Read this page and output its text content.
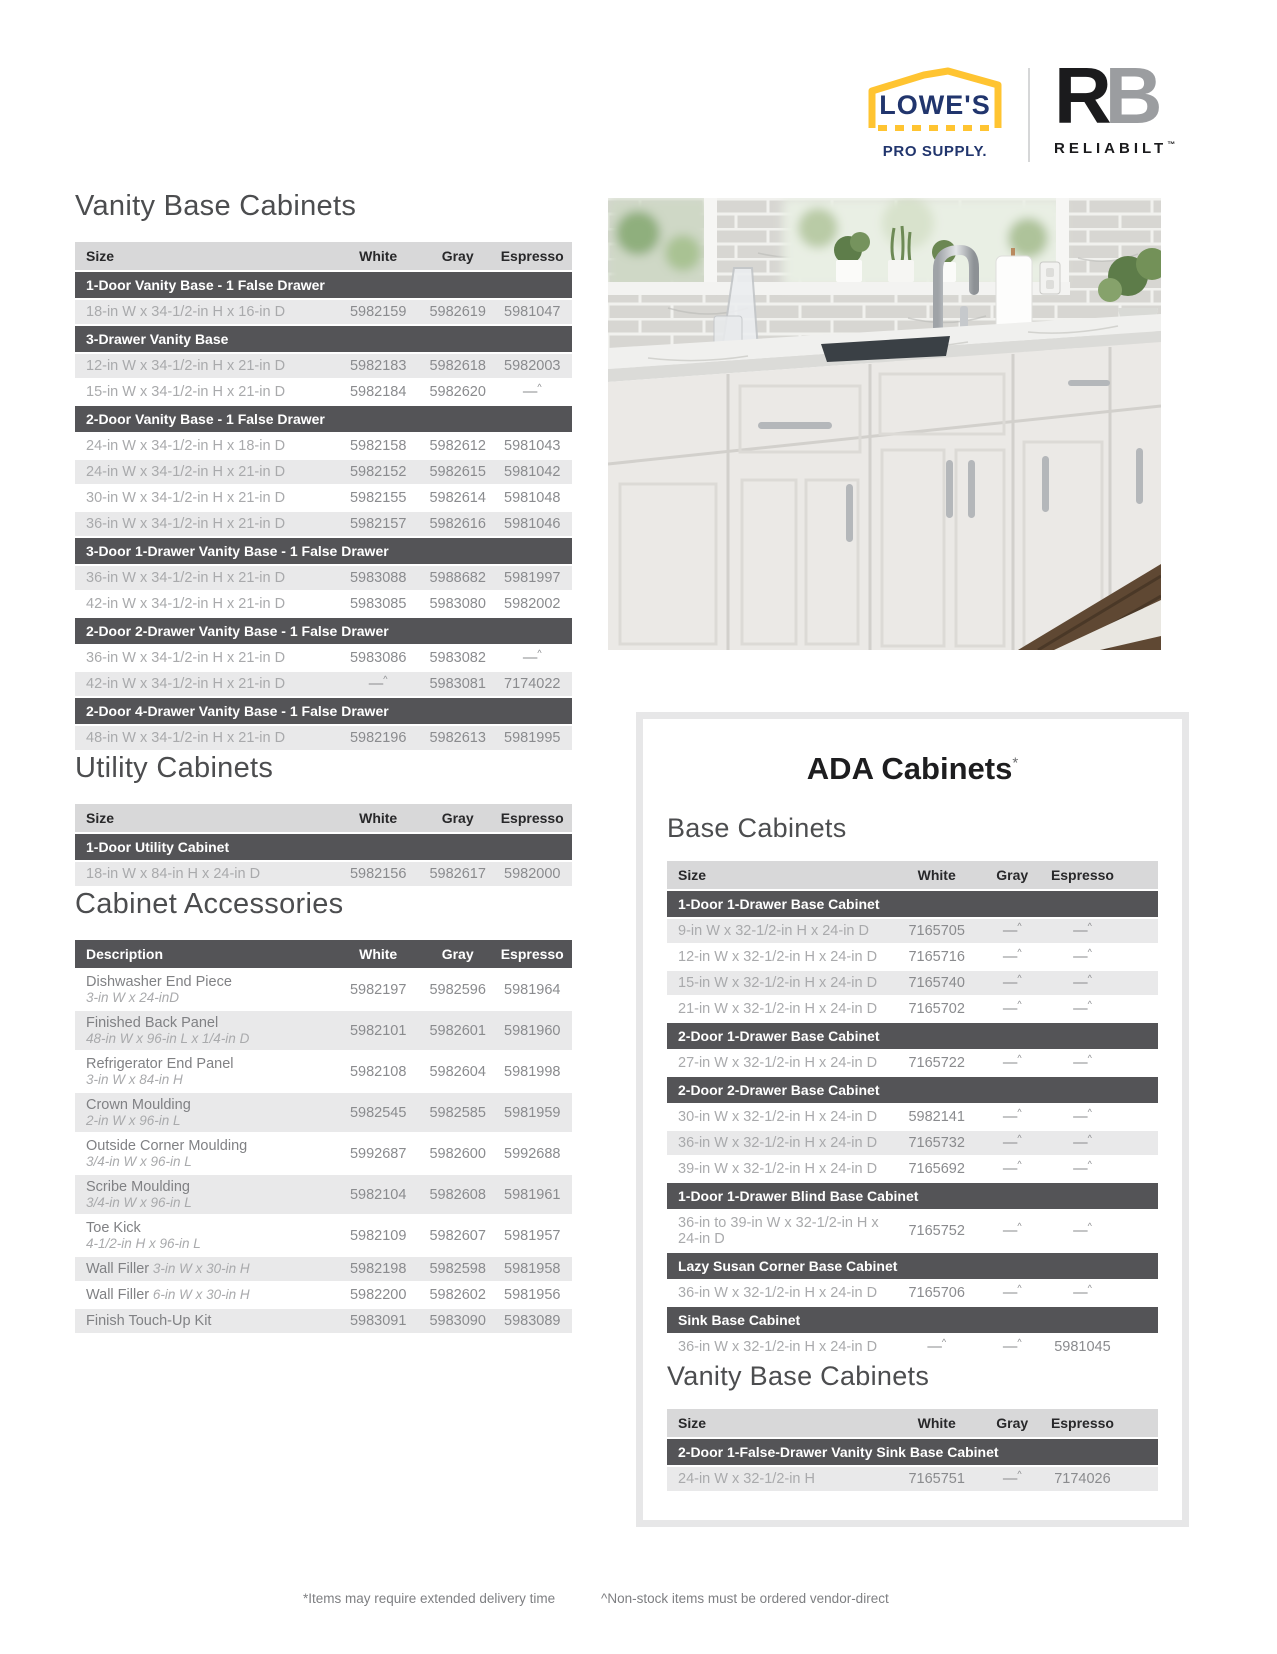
LOWE'S
PRO SUPPLY.
RB
RELIABILT™
Vanity Base Cabinets
Size	White	Gray	Espresso
1-Door Vanity Base - 1 False Drawer			
18-in W x 34-1/2-in H x 16-in D	5982159	5982619	5981047
3-Drawer Vanity Base			
12-in W x 34-1/2-in H x 21-in D	5982183	5982618	5982003
15-in W x 34-1/2-in H x 21-in D	5982184	5982620	—^
2-Door Vanity Base - 1 False Drawer			
24-in W x 34-1/2-in H x 18-in D	5982158	5982612	5981043
24-in W x 34-1/2-in H x 21-in D	5982152	5982615	5981042
30-in W x 34-1/2-in H x 21-in D	5982155	5982614	5981048
36-in W x 34-1/2-in H x 21-in D	5982157	5982616	5981046
3-Door 1-Drawer Vanity Base - 1 False Drawer			
36-in W x 34-1/2-in H x 21-in D	5983088	5988682	5981997
42-in W x 34-1/2-in H x 21-in D	5983085	5983080	5982002
2-Door 2-Drawer Vanity Base - 1 False Drawer			
36-in W x 34-1/2-in H x 21-in D	5983086	5983082	—^
42-in W x 34-1/2-in H x 21-in D	—^	5983081	7174022
2-Door 4-Drawer Vanity Base - 1 False Drawer			
48-in W x 34-1/2-in H x 21-in D	5982196	5982613	5981995
Utility Cabinets
Size	White	Gray	Espresso
1-Door Utility Cabinet			
18-in W x 84-in H x 24-in D	5982156	5982617	5982000
Cabinet Accessories
Description	White	Gray	Espresso

Dishwasher End Piece
3-in W x 24-inD	5982197	5982596	5981964

Finished Back Panel
48-in W x 96-in L x 1/4-in D	5982101	5982601	5981960

Refrigerator End Panel
3-in W x 84-in H	5982108	5982604	5981998

Crown Moulding
2-in W x 96-in L	5982545	5982585	5981959

Outside Corner Moulding
3/4-in W x 96-in L	5992687	5982600	5992688

Scribe Moulding
3/4-in W x 96-in L	5982104	5982608	5981961

Toe Kick
4-1/2-in H x 96-in L	5982109	5982607	5981957
Wall Filler 3-in W x 30-in H	5982198	5982598	5981958
Wall Filler 6-in W x 30-in H	5982200	5982602	5981956
Finish Touch-Up Kit	5983091	5983090	5983089
ADA Cabinets*
Base Cabinets
Size	White	Gray	Espresso
1-Door 1-Drawer Base Cabinet			
9-in W x 32-1/2-in H x 24-in D	7165705	—^	—^
12-in W x 32-1/2-in H x 24-in D	7165716	—^	—^
15-in W x 32-1/2-in H x 24-in D	7165740	—^	—^
21-in W x 32-1/2-in H x 24-in D	7165702	—^	—^
2-Door 1-Drawer Base Cabinet			
27-in W x 32-1/2-in H x 24-in D	7165722	—^	—^
2-Door 2-Drawer Base Cabinet			
30-in W x 32-1/2-in H x 24-in D	5982141	—^	—^
36-in W x 32-1/2-in H x 24-in D	7165732	—^	—^
39-in W x 32-1/2-in H x 24-in D	7165692	—^	—^
1-Door 1-Drawer Blind Base Cabinet			
36-in to 39-in W x 32-1/2-in H x 24-in D	7165752	—^	—^
Lazy Susan Corner Base Cabinet			
36-in W x 32-1/2-in H x 24-in D	7165706	—^	—^
Sink Base Cabinet			
36-in W x 32-1/2-in H x 24-in D	—^	—^	5981045
Vanity Base Cabinets
Size	White	Gray	Espresso
2-Door 1-False-Drawer Vanity Sink Base Cabinet			
24-in W x 32-1/2-in H	7165751	—^	7174026
*Items may require extended delivery time	^Non-stock items must be ordered vendor-direct
